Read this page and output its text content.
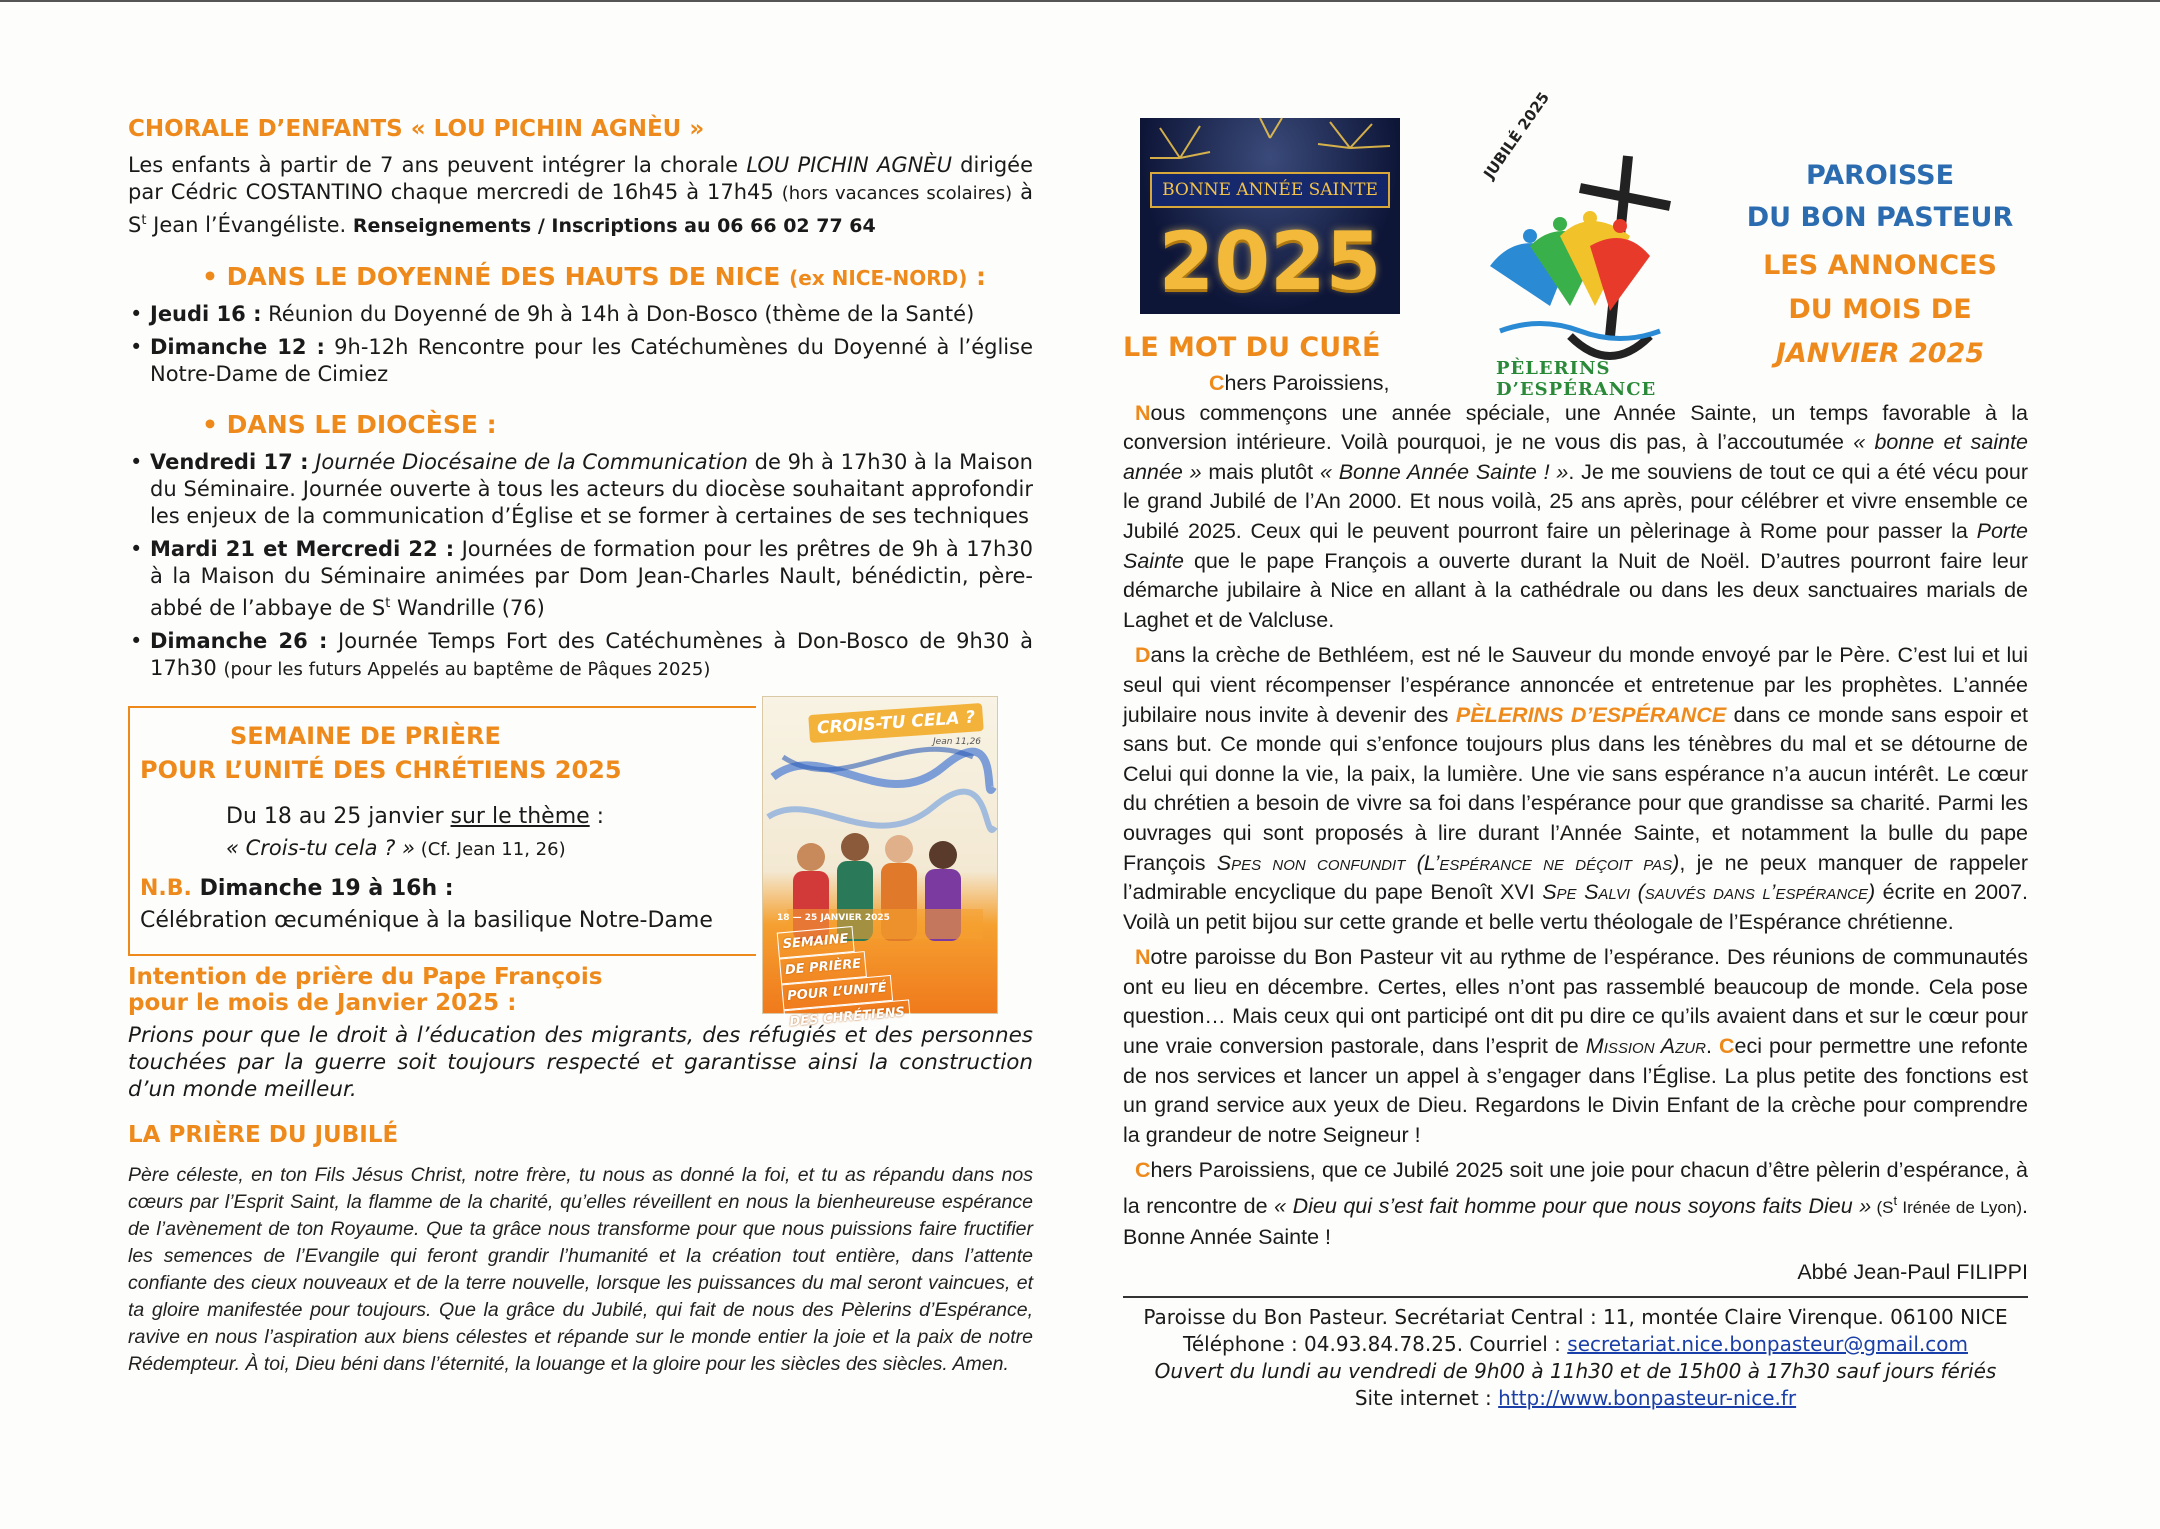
CHORALE D’ENFANTS « LOU PICHIN AGNÈU »

Les enfants à partir de 7 ans peuvent intégrer la chorale LOU PICHIN AGNÈU dirigée par Cédric COSTANTINO chaque mercredi de 16h45 à 17h45 (hors vacances scolaires) à $S^t$ Jean l’Évangéliste. Renseignements / Inscriptions au 06 66 02 77 64

• DANS LE DOYENNÉ DES HAUTS DE NICE (ex NICE-NORD) :
• Jeudi 16 : Réunion du Doyenné de 9h à 14h à Don-Bosco (thème de la Santé)
• Dimanche 12 : 9h-12h Rencontre pour les Catéchumènes du Doyenné à l’église Notre-Dame de Cimiez
• DANS LE DIOCÈSE :
• Vendredi 17 : Journée Diocésaine de la Communication de 9h à 17h30 à la Maison du Séminaire. Journée ouverte à tous les acteurs du diocèse souhaitant approfondir les enjeux de la communication d’Église et se former à certaines de ses techniques
• Mardi 21 et Mercredi 22 : Journées de formation pour les prêtres de 9h à 17h30 à la Maison du Séminaire animées par Dom Jean-Charles Nault, bénédictin, père-abbé de l’abbaye de $S^t$ Wandrille (76)
• Dimanche 26 : Journée Temps Fort des Catéchumènes à Don-Bosco de 9h30 à 17h30 (pour les futurs Appelés au baptême de Pâques 2025)
SEMAINE DE PRIÈRE
POUR L’UNITÉ DES CHRÉTIENS 2025
Du 18 au 25 janvier sur le thème :
« Crois-tu cela ? » (Cf. Jean 11, 26)
N.B. Dimanche 19 à 16h :
Célébration œcuménique à la basilique Notre-Dame
CROIS-TU CELA ?
Jean 11,26
18 — 25 JANVIER 2025
SEMAINE
DE PRIÈRE
POUR L’UNITÉ
DES CHRÉTIENS
Intention de prière du Pape François
pour le mois de Janvier 2025 :

Prions pour que le droit à l’éducation des migrants, des réfugiés et des personnes touchées par la guerre soit toujours respecté et garantisse ainsi la construction d’un monde meilleur.

LA PRIÈRE DU JUBILÉ

Père céleste, en ton Fils Jésus Christ, notre frère, tu nous as donné la foi, et tu as répandu dans nos cœurs par l’Esprit Saint, la flamme de la charité, qu’elles réveillent en nous la bienheureuse espérance de l’avènement de ton Royaume. Que ta grâce nous transforme pour que nous puissions faire fructifier les semences de l’Evangile qui feront grandir l’humanité et la création tout entière, dans l’attente confiante des cieux nouveaux et de la terre nouvelle, lorsque les puissances du mal seront vaincues, et ta gloire manifestée pour toujours. Que la grâce du Jubilé, qui fait de nous des Pèlerins d’Espérance, ravive en nous l’aspiration aux biens célestes et répande sur le monde entier la joie et la paix de notre Rédempteur. À toi, Dieu béni dans l’éternité, la louange et la gloire pour les siècles des siècles. Amen.

BONNE ANNÉE SAINTE
2025
JUBILÉ 2025
PÈLERINS D’ESPÉRANCE
PAROISSE
DU BON PASTEUR
LES ANNONCES
DU MOIS DE
JANVIER 2025
LE MOT DU CURÉ

Chers Paroissiens,

Nous commençons une année spéciale, une Année Sainte, un temps favorable à la conversion intérieure. Voilà pourquoi, je ne vous dis pas, à l’accoutumée « bonne et sainte année » mais plutôt « Bonne Année Sainte ! ». Je me souviens de tout ce qui a été vécu pour le grand Jubilé de l’An 2000. Et nous voilà, 25 ans après, pour célébrer et vivre ensemble ce Jubilé 2025. Ceux qui le peuvent pourront faire un pèlerinage à Rome pour passer la Porte Sainte que le pape François a ouverte durant la Nuit de Noël. D’autres pourront faire leur démarche jubilaire à Nice en allant à la cathédrale ou dans les deux sanctuaires marials de Laghet et de Valcluse.

Dans la crèche de Bethléem, est né le Sauveur du monde envoyé par le Père. C’est lui et lui seul qui vient récompenser l’espérance annoncée et entretenue par les prophètes. L’année jubilaire nous invite à devenir des PÈLERINS D’ESPÉRANCE dans ce monde sans espoir et sans but. Ce monde qui s’enfonce toujours plus dans les ténèbres du mal et se détourne de Celui qui donne la vie, la paix, la lumière. Une vie sans espérance n’a aucun intérêt. Le cœur du chrétien a besoin de vivre sa foi dans l’espérance pour que grandisse sa charité. Parmi les ouvrages qui sont proposés à lire durant l’Année Sainte, et notamment la bulle du pape François Spes non confundit (L’espérance ne déçoit pas), je ne peux manquer de rappeler l’admirable encyclique du pape Benoît XVI Spe Salvi (sauvés dans l’espérance) écrite en 2007. Voilà un petit bijou sur cette grande et belle vertu théologale de l’Espérance chrétienne.

Notre paroisse du Bon Pasteur vit au rythme de l’espérance. Des réunions de communautés ont eu lieu en décembre. Certes, elles n’ont pas rassemblé beaucoup de monde. Cela pose question… Mais ceux qui ont participé ont dit pu dire ce qu’ils avaient dans et sur le cœur pour une vraie conversion pastorale, dans l’esprit de Mission Azur. Ceci pour permettre une refonte de nos services et lancer un appel à s’engager dans l’Église. La plus petite des fonctions est un grand service aux yeux de Dieu. Regardons le Divin Enfant de la crèche pour comprendre la grandeur de notre Seigneur !

Chers Paroissiens, que ce Jubilé 2025 soit une joie pour chacun d’être pèlerin d’espérance, à la rencontre de « Dieu qui s’est fait homme pour que nous soyons faits Dieu » ($S^t$ Irénée de Lyon). Bonne Année Sainte !

Abbé Jean-Paul FILIPPI

Paroisse du Bon Pasteur. Secrétariat Central : 11, montée Claire Virenque. 06100 NICE
Téléphone : 04.93.84.78.25. Courriel : secretariat.nice.bonpasteur@gmail.com
Ouvert du lundi au vendredi de 9h00 à 11h30 et de 15h00 à 17h30 sauf jours fériés
Site internet : http://www.bonpasteur-nice.fr
